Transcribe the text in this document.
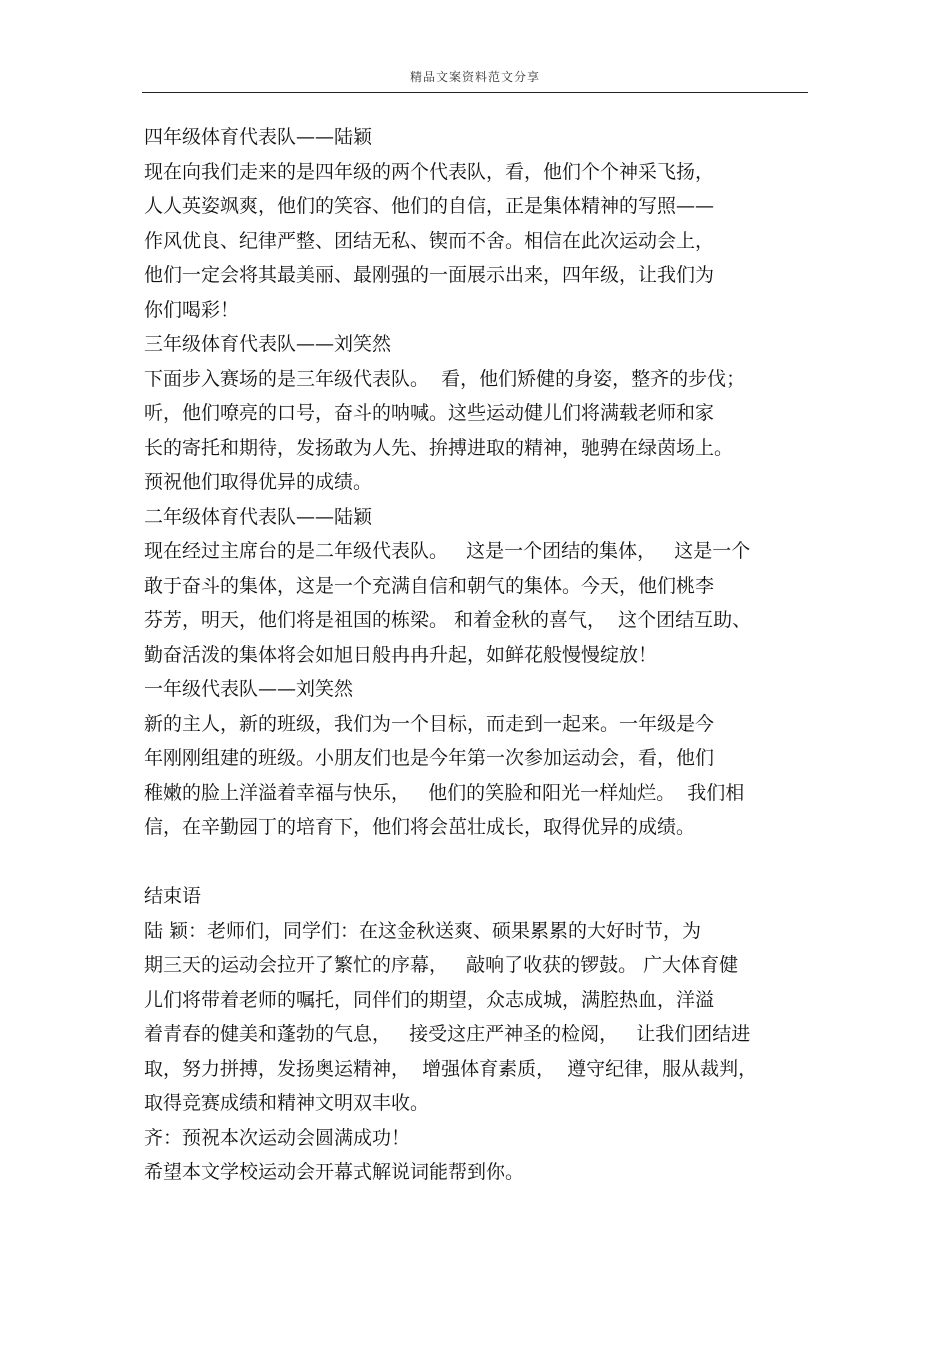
精品文案资料范文分享
四年级体育代表队——陆颖
现在向我们走来的是四年级的两个代表队，看，他们个个神采飞扬，
人人英姿飒爽，他们的笑容、他们的自信，正是集体精神的写照——
作风优良、纪律严整、团结无私、锲而不舍。相信在此次运动会上，
他们一定会将其最美丽、最刚强的一面展示出来，四年级，让我们为
你们喝彩！
三年级体育代表队——刘笑然
下面步入赛场的是三年级代表队。  看，他们矫健的身姿，整齐的步伐；
听，他们嘹亮的口号，奋斗的呐喊。这些运动健儿们将满载老师和家
长的寄托和期待，发扬敢为人先、拚搏进取的精神，驰骋在绿茵场上。
预祝他们取得优异的成绩。
二年级体育代表队——陆颖
现在经过主席台的是二年级代表队。   这是一个团结的集体，   这是一个
敢于奋斗的集体，这是一个充满自信和朝气的集体。今天，他们桃李
芬芳，明天，他们将是祖国的栋梁。 和着金秋的喜气，  这个团结互助、
勤奋活泼的集体将会如旭日般冉冉升起，如鲜花般慢慢绽放！
一年级代表队——刘笑然
新的主人，新的班级，我们为一个目标，而走到一起来。一年级是今
年刚刚组建的班级。小朋友们也是今年第一次参加运动会，看，他们
稚嫩的脸上洋溢着幸福与快乐，   他们的笑脸和阳光一样灿烂。  我们相
信，在辛勤园丁的培育下，他们将会茁壮成长，取得优异的成绩。
结束语
陆 颖：老师们，同学们：在这金秋送爽、硕果累累的大好时节，为
期三天的运动会拉开了繁忙的序幕，   敲响了收获的锣鼓。 广大体育健
儿们将带着老师的嘱托，同伴们的期望，众志成城，满腔热血，洋溢
着青春的健美和蓬勃的气息，   接受这庄严神圣的检阅，   让我们团结进
取，努力拼搏，发扬奥运精神，  增强体育素质，  遵守纪律，服从裁判，
取得竞赛成绩和精神文明双丰收。
齐：预祝本次运动会圆满成功！
希望本文学校运动会开幕式解说词能帮到你。
